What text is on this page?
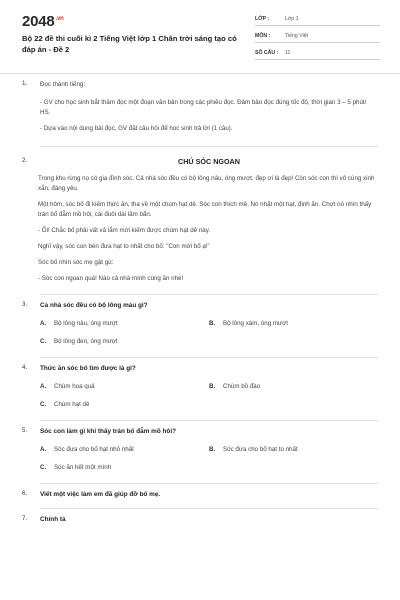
$2048_{.vn}$
Bộ 22 đề thi cuối kì 2 Tiếng Việt lớp 1 Chân trời sáng tạo có đáp án - Đề 2
LỚP :	Lớp 1
MÔN :	Tiếng Việt
SỐ CÂU :	11
1. Đọc thành tiếng:

- GV cho học sinh bắt thăm đọc một đoạn văn bản trong các phiếu đọc. Đảm bảo đọc đúng tốc độ, thời gian 3 – 5 phút/ HS.

- Dựa vào nội dung bài đọc, GV đặt câu hỏi để học sinh trả lời (1 câu).

2.	CHÚ SÓC NGOAN

Trong khu rừng nọ có gia đình sóc. Cả nhà sóc đều có bộ lông nâu, óng mượt, đẹp ơi là đẹp! Còn sóc con thì vô cùng xinh xắn, đáng yêu.

Một hôm, sóc bố đi kiếm thức ăn, tha về một chùm hạt dẻ. Sóc con thích mê. Nó nhặt một hạt, định ăn. Chợt nó nhìn thấy trán bố đẫm mồ hôi, cái đuôi dài lấm bẩn.

- Ối! Chắc bố phải vất vả lắm mới kiếm được chùm hạt dẻ này.

Nghĩ vậy, sóc con bèn đưa hạt to nhất cho bố: "Con mời bố ạ!"

Sóc bố nhìn sóc mẹ gật gù:

- Sóc con ngoan quá! Nào cả nhà mình cùng ăn nhé!

3. Cả nhà sóc đều có bộ lông màu gì?

A.	Bộ lông nâu, óng mượt	B.	Bộ lông xám, óng mượt
C.	Bộ lông đen, óng mượt
4. Thức ăn sóc bố tìm được là gì?

A.	Chùm hoa quả	B.	Chùm bồ đào
C.	Chùm hạt dẻ
5. Sóc con làm gì khi thấy trán bố đẫm mồ hôi?

A.	Sóc đưa cho bố hạt nhỏ nhất	B.	Sóc đưa cho bố hạt to nhất
C.	Sóc ăn hết một mình
6. Viết một việc làm em đã giúp đỡ bố mẹ.

7. Chính tả
